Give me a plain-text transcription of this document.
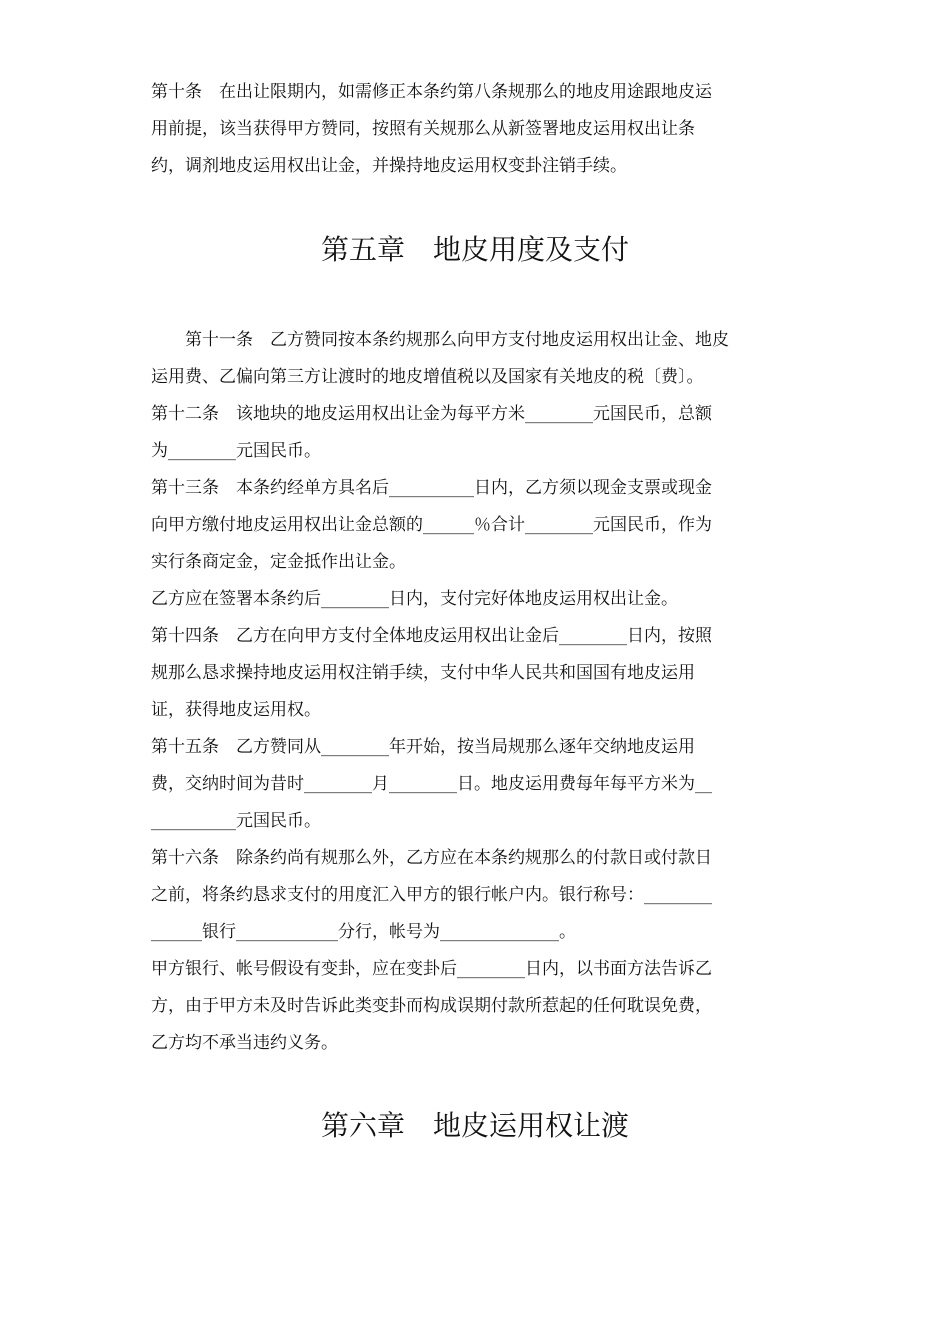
第十条　在出让限期内，如需修正本条约第八条规那么的地皮用途跟地皮运
用前提，该当获得甲方赞同，按照有关规那么从新签署地皮运用权出让条
约，调剂地皮运用权出让金，并操持地皮运用权变卦注销手续。
第五章　地皮用度及支付
　　第十一条　乙方赞同按本条约规那么向甲方支付地皮运用权出让金、地皮
运用费、乙偏向第三方让渡时的地皮增值税以及国家有关地皮的税〔费〕。
第十二条　该地块的地皮运用权出让金为每平方米________元国民币，总额
为________元国民币。
第十三条　本条约经单方具名后__________日内，乙方须以现金支票或现金
向甲方缴付地皮运用权出让金总额的______％合计________元国民币，作为
实行条商定金，定金抵作出让金。
乙方应在签署本条约后________日内，支付完好体地皮运用权出让金。
第十四条　乙方在向甲方支付全体地皮运用权出让金后________日内，按照
规那么恳求操持地皮运用权注销手续，支付中华人民共和国国有地皮运用
证，获得地皮运用权。
第十五条　乙方赞同从________年开始，按当局规那么逐年交纳地皮运用
费，交纳时间为昔时________月________日。地皮运用费每年每平方米为__
__________元国民币。
第十六条　除条约尚有规那么外，乙方应在本条约规那么的付款日或付款日
之前，将条约恳求支付的用度汇入甲方的银行帐户内。银行称号：________
______银行____________分行，帐号为______________。
甲方银行、帐号假设有变卦，应在变卦后________日内，以书面方法告诉乙
方，由于甲方未及时告诉此类变卦而构成误期付款所惹起的任何耽误免费，
乙方均不承当违约义务。
第六章　地皮运用权让渡
